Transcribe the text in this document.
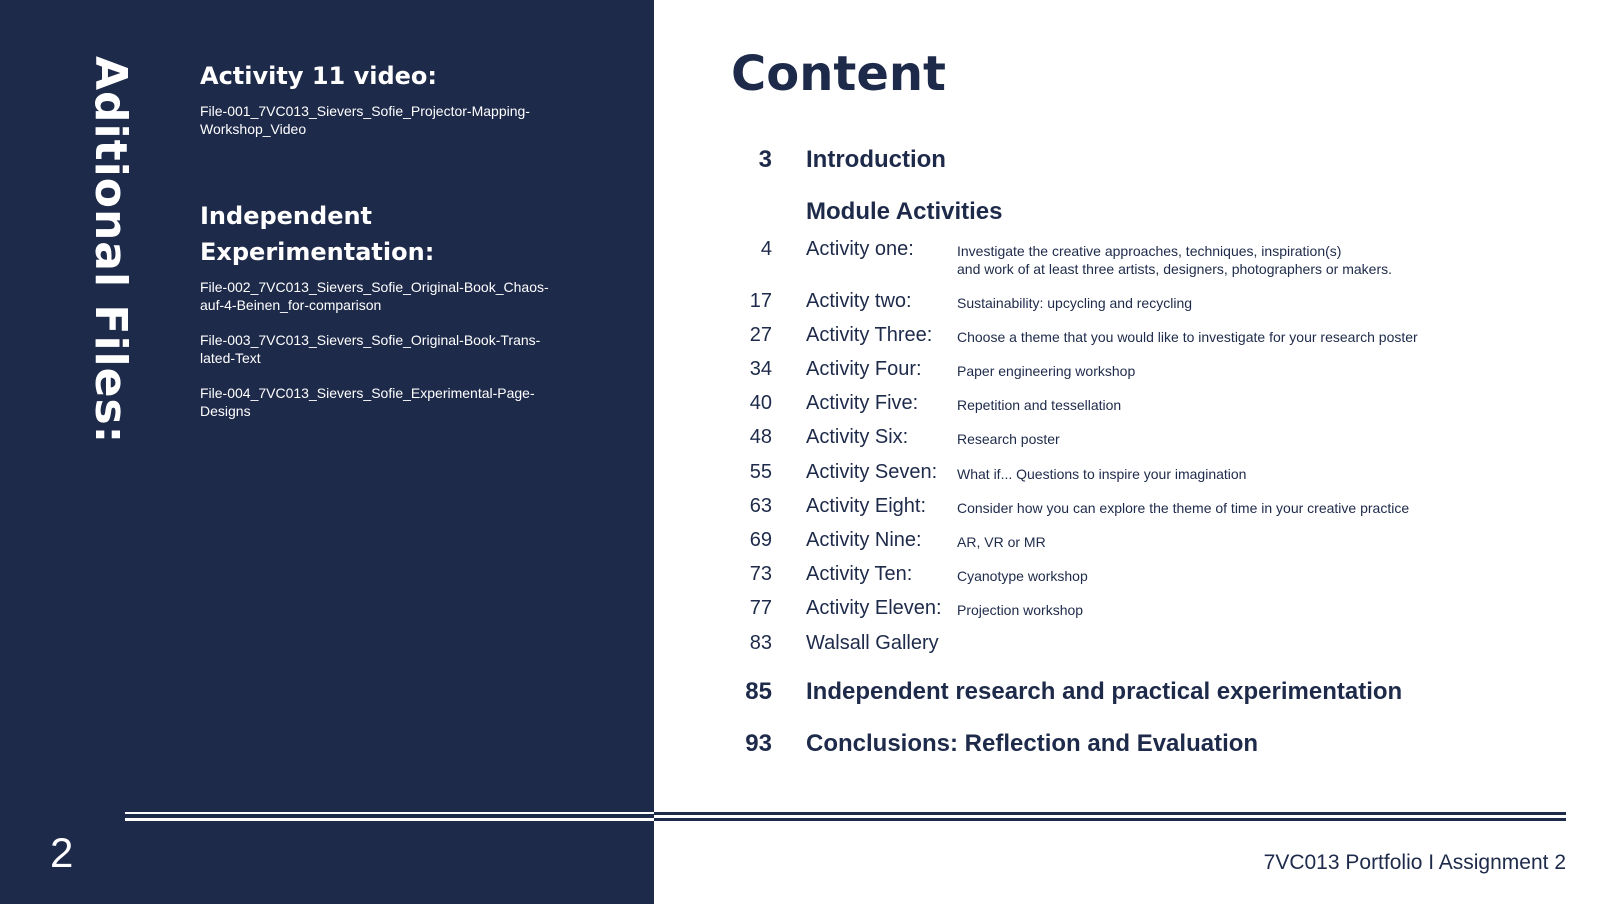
Aditional Files:	Activity 11 video:
File-001_7VC013_Sievers_Sofie_Projector-Mapping-Workshop_Video
Independent
Experimentation:
File-002_7VC013_Sievers_Sofie_Original-Book_Chaos-auf-4-Beinen_for-comparison
File-003_7VC013_Sievers_Sofie_Original-Book-Trans-lated-Text
File-004_7VC013_Sievers_Sofie_Experimental-Page-Designs
2
Content
3 Introduction
Module Activities
4 Activity one:	Investigate the creative approaches, techniques, inspiration(s)
and work of at least three artists, designers, photographers or makers.
17 Activity two:	Sustainability: upcycling and recycling
27 Activity Three: Choose a theme that you would like to investigate for your research poster
34 Activity Four:	Paper engineering workshop
40 Activity Five:	Repetition and tessellation
48 Activity Six:	Research poster
55 Activity Seven: What if... Questions to inspire your imagination
63 Activity Eight: Consider how you can explore the theme of time in your creative practice
69 Activity Nine:	AR, VR or MR
73 Activity Ten:	Cyanotype workshop
77 Activity Eleven: Projection workshop
83 Walsall Gallery
85 Independent research and practical experimentation
93 Conclusions: Reflection and Evaluation
7VC013 Portfolio I Assignment 2
